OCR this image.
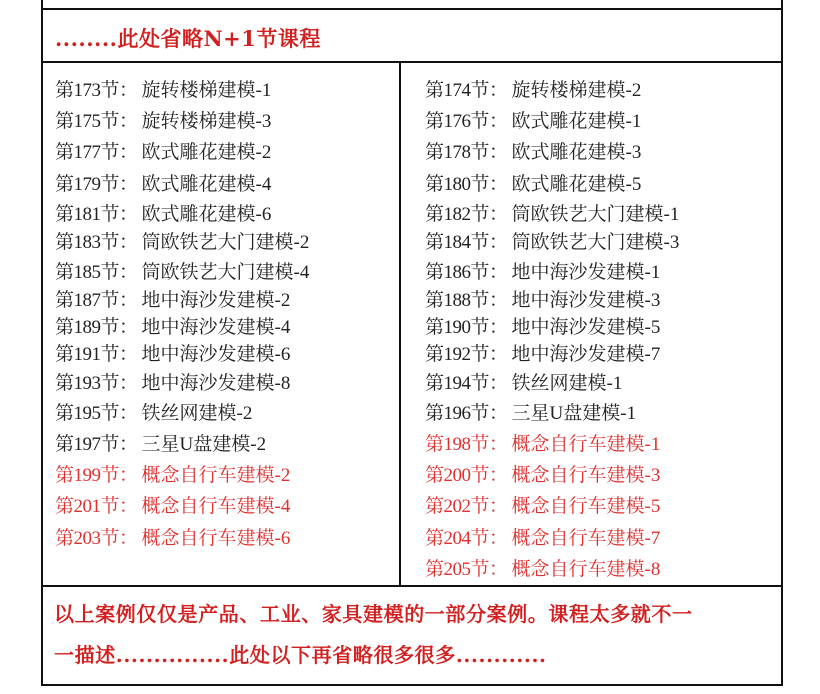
........此处省略N+1节课程
第173节： 旋转楼梯建模-1
第175节： 旋转楼梯建模-3
第177节： 欧式雕花建模-2
第179节： 欧式雕花建模-4
第181节： 欧式雕花建模-6
第183节： 筒欧铁艺大门建模-2
第185节： 筒欧铁艺大门建模-4
第187节： 地中海沙发建模-2
第189节： 地中海沙发建模-4
第191节： 地中海沙发建模-6
第193节： 地中海沙发建模-8
第195节： 铁丝网建模-2
第197节： 三星U盘建模-2
第199节： 概念自行车建模-2
第201节： 概念自行车建模-4
第203节： 概念自行车建模-6
第174节： 旋转楼梯建模-2
第176节： 欧式雕花建模-1
第178节： 欧式雕花建模-3
第180节： 欧式雕花建模-5
第182节： 筒欧铁艺大门建模-1
第184节： 筒欧铁艺大门建模-3
第186节： 地中海沙发建模-1
第188节： 地中海沙发建模-3
第190节： 地中海沙发建模-5
第192节： 地中海沙发建模-7
第194节： 铁丝网建模-1
第196节： 三星U盘建模-1
第198节： 概念自行车建模-1
第200节： 概念自行车建模-3
第202节： 概念自行车建模-5
第204节： 概念自行车建模-7
第205节： 概念自行车建模-8
以上案例仅仅是产品、工业、家具建模的一部分案例。课程太多就不一
一描述...............此处以下再省略很多很多............
